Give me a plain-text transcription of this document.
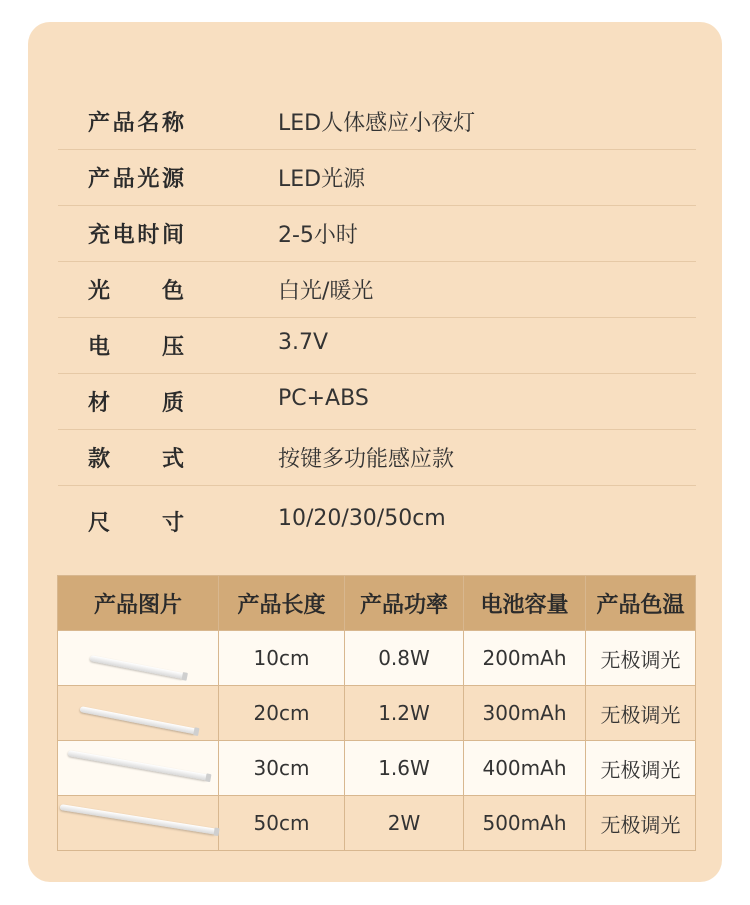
产 品 名 称	LED人体感应小夜灯
产 品 光 源	LED光源
充 电 时 间	2-5小时
光 色	白光/暖光
电 压	3.7V
材 质	PC+ABS
款 式	按键多功能感应款
尺 寸	10/20/30/50cm
产品图片	产品长度	产品功率	电池容量	产品色温

	10cm	0.8W	200mAh	无极调光

	20cm	1.2W	300mAh	无极调光

	30cm	1.6W	400mAh	无极调光

	50cm	2W	500mAh	无极调光
